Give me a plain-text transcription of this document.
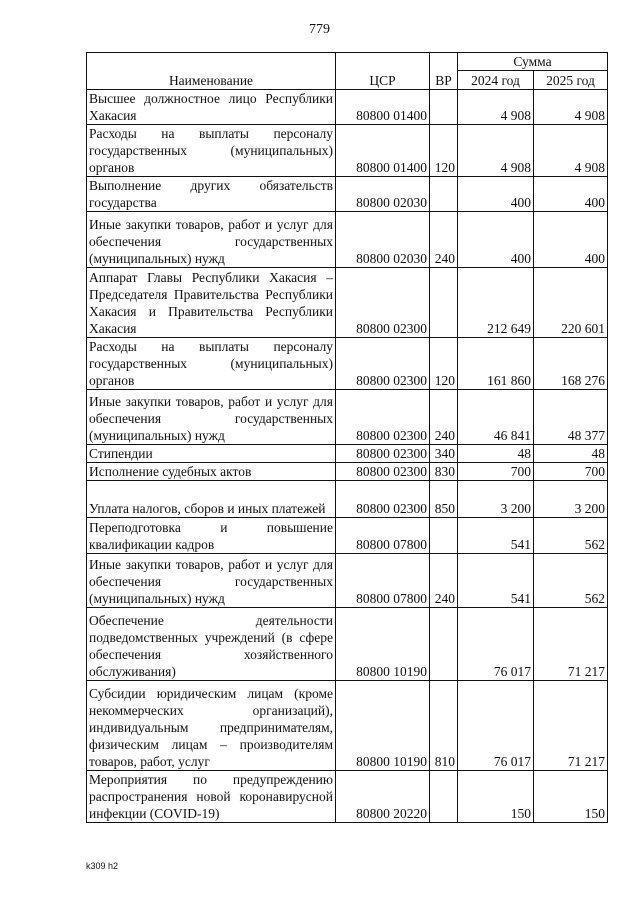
779
Наименование	ЦСР	ВР	Сумма	
			2024 год	2025 год
Высшее должностное лицо Республики Хакасия	80800 01400		4 908	4 908
Расходы на выплаты персоналу государственных (муниципальных) органов	80800 01400	120	4 908	4 908
Выполнение других обязательств государства	80800 02030		400	400
Иные закупки товаров, работ и услуг для обеспечения государственных (муниципальных) нужд	80800 02030	240	400	400
Аппарат Главы Республики Хакасия – Председателя Правительства Республики Хакасия и Правительства Республики Хакасия	80800 02300		212 649	220 601
Расходы на выплаты персоналу государственных (муниципальных) органов	80800 02300	120	161 860	168 276
Иные закупки товаров, работ и услуг для обеспечения государственных (муниципальных) нужд	80800 02300	240	46 841	48 377
Стипендии	80800 02300	340	48	48
Исполнение судебных актов	80800 02300	830	700	700
Уплата налогов, сборов и иных платежей	80800 02300	850	3 200	3 200
Переподготовка и повышение квалификации кадров	80800 07800		541	562
Иные закупки товаров, работ и услуг для обеспечения государственных (муниципальных) нужд	80800 07800	240	541	562
Обеспечение деятельности подведомственных учреждений (в сфере обеспечения хозяйственного обслуживания)	80800 10190		76 017	71 217
Субсидии юридическим лицам (кроме некоммерческих организаций), индивидуальным предпринимателям, физическим лицам – производителям товаров, работ, услуг	80800 10190	810	76 017	71 217
Мероприятия по предупреждению распространения новой коронавирусной инфекции (COVID-19)	80800 20220		150	150
k309 h2
